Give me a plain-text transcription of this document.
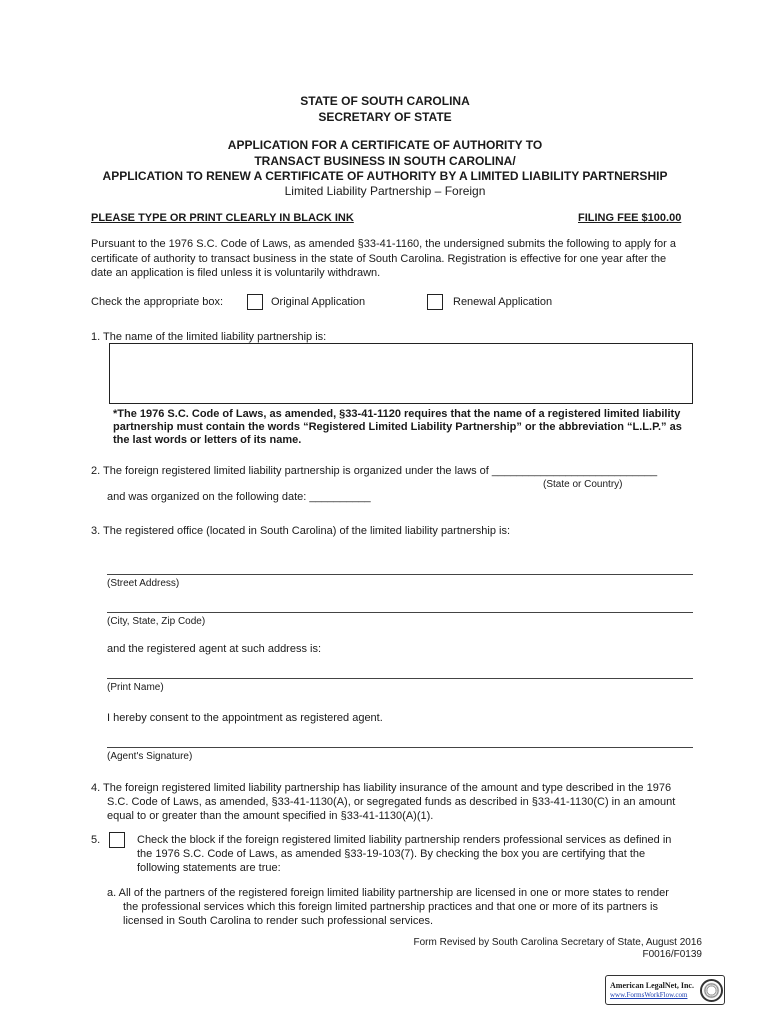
STATE OF SOUTH CAROLINA
SECRETARY OF STATE
APPLICATION FOR A CERTIFICATE OF AUTHORITY TO
TRANSACT BUSINESS IN SOUTH CAROLINA/
APPLICATION TO RENEW A CERTIFICATE OF AUTHORITY BY A LIMITED LIABILITY PARTNERSHIP
Limited Liability Partnership – Foreign
PLEASE TYPE OR PRINT CLEARLY IN BLACK INK	FILING FEE $100.00
Pursuant to the 1976 S.C. Code of Laws, as amended §33-41-1160, the undersigned submits the following to apply for a
certificate of authority to transact business in the state of South Carolina. Registration is effective for one year after the
date an application is filed unless it is voluntarily withdrawn.
Check the appropriate box:	Original Application	Renewal Application
1. The name of the limited liability partnership is:
*The 1976 S.C. Code of Laws, as amended, §33-41-1120 requires that the name of a registered limited liability
partnership must contain the words “Registered Limited Liability Partnership” or the abbreviation “L.L.P.” as
the last words or letters of its name.
2. The foreign registered limited liability partnership is organized under the laws of ___________________________
(State or Country)
and was organized on the following date: __________
3. The registered office (located in South Carolina) of the limited liability partnership is:
(Street Address)
(City, State, Zip Code)
and the registered agent at such address is:
(Print Name)
I hereby consent to the appointment as registered agent.
(Agent's Signature)
4. The foreign registered limited liability partnership has liability insurance of the amount and type described in the 1976
S.C. Code of Laws, as amended, §33-41-1130(A), or segregated funds as described in §33-41-1130(C) in an amount
equal to or greater than the amount specified in §33-41-1130(A)(1).
5.	Check the block if the foreign registered limited liability partnership renders professional services as defined in
the 1976 S.C. Code of Laws, as amended §33-19-103(7). By checking the box you are certifying that the
following statements are true:
a. All of the partners of the registered foreign limited liability partnership are licensed in one or more states to render
the professional services which this foreign limited partnership practices and that one or more of its partners is
licensed in South Carolina to render such professional services.
Form Revised by South Carolina Secretary of State, August 2016
F0016/F0139
American LegalNet, Inc.
www.FormsWorkFlow.com
